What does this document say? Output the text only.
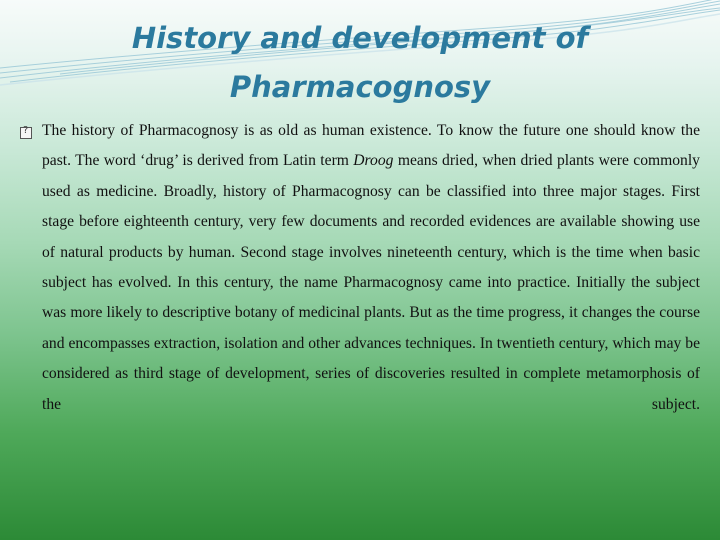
History and development of
Pharmacognosy
?
The history of Pharmacognosy is as old as human existence. To know the future one should know the past. The word ‘drug’ is derived from Latin term Droog means dried, when dried plants were commonly used as medicine. Broadly, history of Pharmacognosy can be classified into three major stages. First stage before eighteenth century, very few documents and recorded evidences are available showing use of natural products by human. Second stage involves nineteenth century, which is the time when basic subject has evolved. In this century, the name Pharmacognosy came into practice. Initially the subject was more likely to descriptive botany of medicinal plants. But as the time progress, it changes the course and encompasses extraction, isolation and other advances techniques. In twentieth century, which may be considered as third stage of development, series of discoveries resulted in complete metamorphosis of the subject.
